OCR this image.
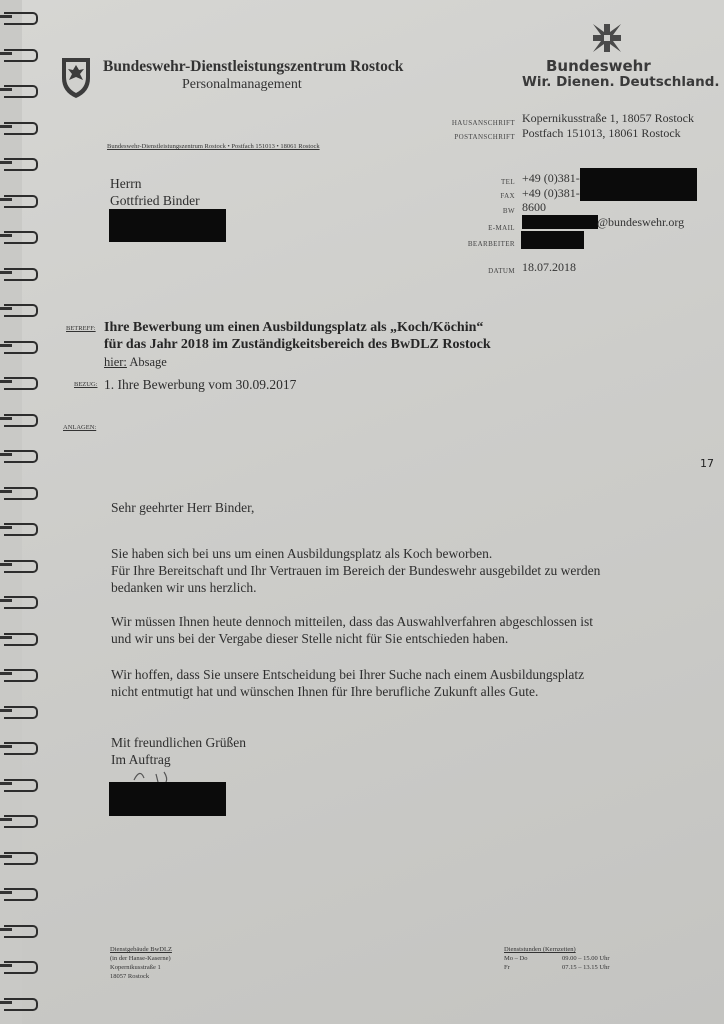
Bundeswehr-Dienstleistungszentrum Rostock
Personalmanagement
Bundeswehr
Wir. Dienen. Deutschland.
HAUSANSCHRIFT Kopernikusstraße 1, 18057 Rostock
POSTANSCHRIFT Postfach 151013, 18061 Rostock
Bundeswehr-Dienstleistungszentrum Rostock • Postfach 151013 • 18061 Rostock
Herrn
Gottfried Binder
TEL +49 (0)381-
FAX +49 (0)381-
BW 8600
E-MAIL	@bundeswehr.org
BEARBEITER
DATUM 18.07.2018
BETREFF: Ihre Bewerbung um einen Ausbildungsplatz als „Koch/Köchin“
für das Jahr 2018 im Zuständigkeitsbereich des BwDLZ Rostock
hier: Absage
BEZUG: 1. Ihre Bewerbung vom 30.09.2017
ANLAGEN:
17
Sehr geehrter Herr Binder,
Sie haben sich bei uns um einen Ausbildungsplatz als Koch beworben.
Für Ihre Bereitschaft und Ihr Vertrauen im Bereich der Bundeswehr ausgebildet zu werden
bedanken wir uns herzlich.
Wir müssen Ihnen heute dennoch mitteilen, dass das Auswahlverfahren abgeschlossen ist
und wir uns bei der Vergabe dieser Stelle nicht für Sie entschieden haben.
Wir hoffen, dass Sie unsere Entscheidung bei Ihrer Suche nach einem Ausbildungsplatz
nicht entmutigt hat und wünschen Ihnen für Ihre berufliche Zukunft alles Gute.
Mit freundlichen Grüßen
Im Auftrag
Dienstgebäude BwDLZ
(in der Hanse-Kaserne)
Kopernikusstraße 1
18057 Rostock
Dienststunden (Kernzeiten)
Mo – Do	09.00 – 15.00 Uhr
Fr	07.15 – 13.15 Uhr
